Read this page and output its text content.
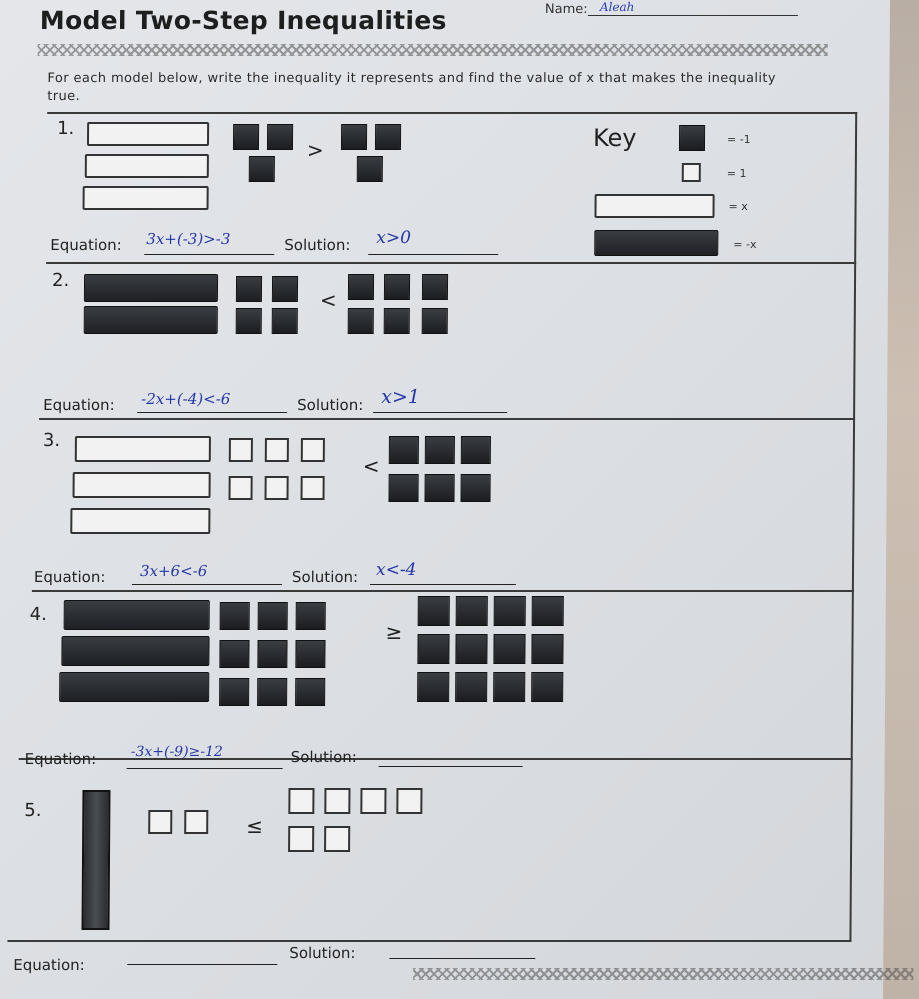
Model Two-Step Inequalities	Name: Aleah
For each model below, write the inequality it represents and find the value of x that makes the inequality true.
Key	= -1
= 1
= x
= -x
1.
>
Equation: 3x+(-3)>-3	Solution: x>0
2.
<
Equation: -2x+(-4)<-6	Solution: x>1
3.
<
Equation: 3x+6<-6	Solution: x<-4
4.
≥
Equation: -3x+(-9)≥-12	Solution:
5.
≤
Equation:
Solution:
